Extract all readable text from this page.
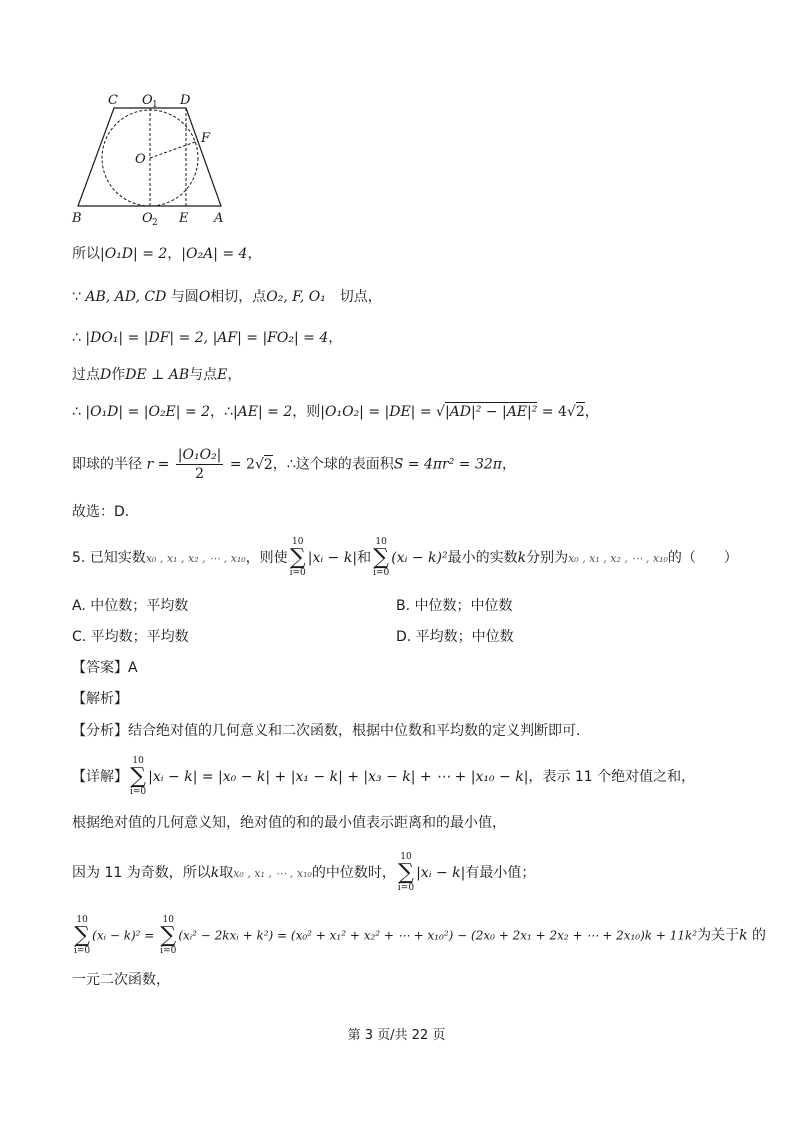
C O 1 D
F
O
B	O 2 E A
所以|O₁D| = 2，|O₂A| = 4，
∵ AB, AD, CD 与圆O相切，点O₂, F, O₁　切点，
∴ |DO₁| = |DF| = 2, |AF| = |FO₂| = 4，
过点D作DE ⊥ AB与点E，
∴ |O₁D| = |O₂E| = 2，∴|AE| = 2，则|O₁O₂| = |DE| = √|AD|² − |AE|² = 4√2，
即球的半径 $r = \frac{\text{|O₁O₂|}}{2} = 2√2$，∴这个球的表面积S = 4πr² = 32π，
故选：D.
5. 已知实数x₀ , x₁ , x₂ , ⋯ , x₁₀，则使
10
∑
i=0
|xᵢ − k|和
10
∑
i=0
(xᵢ − k)²最小的实数k分别为x₀ , x₁ , x₂ , ⋯ , x₁₀的（　　）
A. 中位数；平均数	B. 中位数；中位数
C. 平均数；平均数	D. 平均数；中位数
【答案】A
【解析】
【分析】结合绝对值的几何意义和二次函数，根据中位数和平均数的定义判断即可.
【详解】
10
∑
i=0
|xᵢ − k| = |x₀ − k| + |x₁ − k| + |x₃ − k| + ⋯ + |x₁₀ − k|，表示 11 个绝对值之和，
根据绝对值的几何意义知，绝对值的和的最小值表示距离和的最小值，
因为 11 为奇数，所以k取x₀ , x₁ , ⋯ , x₁₀的中位数时，
10
∑
i=0
|xᵢ − k|有最小值；
10
∑
i=0
(xᵢ − k)² =
10
∑
i=0
(xᵢ² − 2kxᵢ + k²) = (x₀² + x₁² + x₂² + ⋯ + x₁₀²) − (2x₀ + 2x₁ + 2x₂ + ⋯ + 2x₁₀)k + 11k²为关于k 的
一元二次函数，
第 3 页/共 22 页
